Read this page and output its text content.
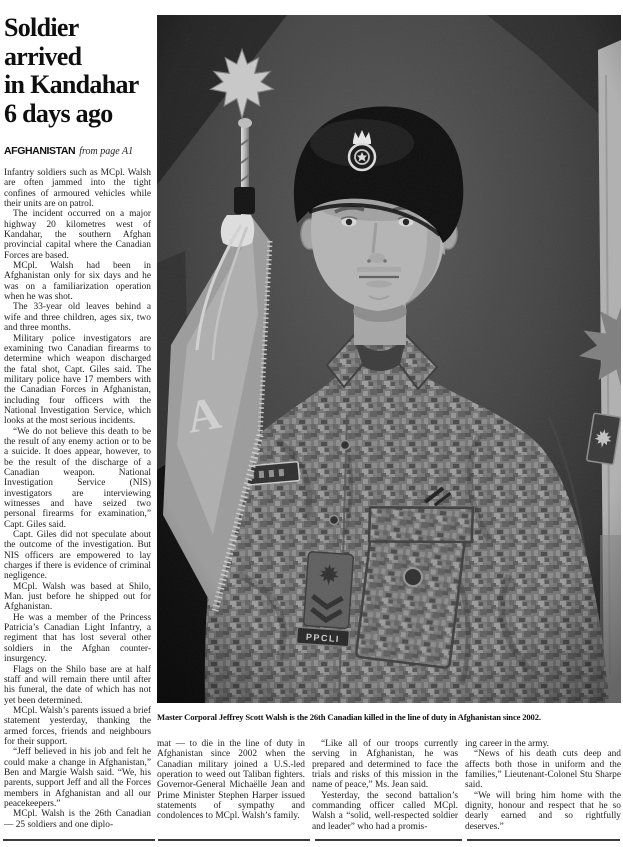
Soldier
arrived
in Kandahar
6 days ago
AFGHANISTAN from page A1

Infantry soldiers such as MCpl. Walsh are often jammed into the tight confines of armoured vehicles while their units are on patrol.

The incident occurred on a major highway 20 kilometres west of Kandahar, the southern Afghan provincial capital where the Canadian Forces are based.

MCpl. Walsh had been in Afghanistan only for six days and he was on a familiarization operation when he was shot.

The 33-year old leaves behind a wife and three children, ages six, two and three months.

Military police investigators are examining two Canadian firearms to determine which weapon discharged the fatal shot, Capt. Giles said. The military police have 17 members with the Canadian Forces in Afghanistan, including four officers with the National Investigation Service, which looks at the most serious incidents.

“We do not believe this death to be the result of any enemy action or to be a suicide. It does appear, however, to be the result of the discharge of a Canadian weapon. National Investigation Service (NIS) investigators are interviewing witnesses and have seized two personal firearms for examination,” Capt. Giles said.

Capt. Giles did not speculate about the outcome of the investigation. But NIS officers are empowered to lay charges if there is evidence of criminal negligence.

MCpl. Walsh was based at Shilo, Man. just before he shipped out for Afghanistan.

He was a member of the Princess Patricia’s Canadian Light Infantry, a regiment that has lost several other soldiers in the Afghan counter-insurgency.

Flags on the Shilo base are at half staff and will remain there until after his funeral, the date of which has not yet been determined.

MCpl. Walsh’s parents issued a brief statement yesterday, thanking the armed forces, friends and neighbours for their support.

“Jeff believed in his job and felt he could make a change in Afghanistan,” Ben and Margie Walsh said. “We, his parents, support Jeff and all the Forces members in Afghanistan and all our peacekeepers.”

MCpl. Walsh is the 26th Canadian — 25 soldiers and one diplo-

Master Corporal Jeffrey Scott Walsh is the 26th Canadian killed in the line of duty in Afghanistan since 2002.

mat — to die in the line of duty in Afghanistan since 2002 when the Canadian military joined a U.S.-led operation to weed out Taliban fighters. Governor-General Michaëlle Jean and Prime Minister Stephen Harper issued statements of sympathy and condolences to MCpl. Walsh’s family.

“Like all of our troops currently serving in Afghanistan, he was prepared and determined to face the trials and risks of this mission in the name of peace,” Ms. Jean said.

Yesterday, the second battalion’s commanding officer called MCpl. Walsh a “solid, well-respected soldier and leader” who had a promis-

ing career in the army.

“News of his death cuts deep and affects both those in uniform and the families,” Lieutenant-Colonel Stu Sharpe said.

“We will bring him home with the dignity, honour and respect that he so dearly earned and so rightfully deserves.”
